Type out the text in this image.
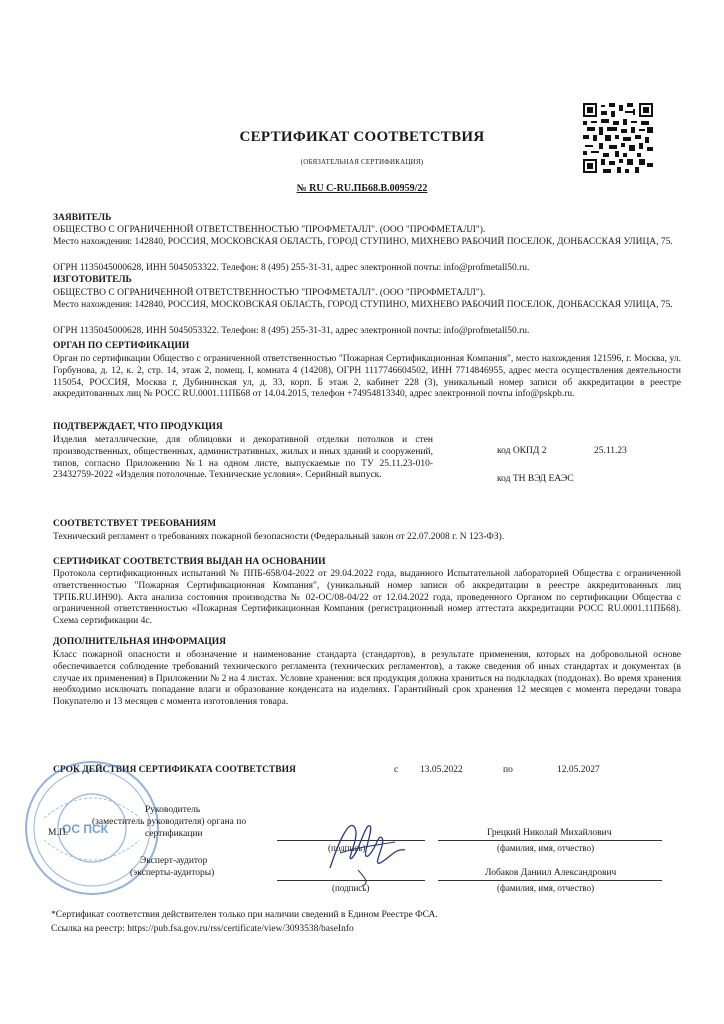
СЕРТИФИКАТ СООТВЕТСТВИЯ
(ОБЯЗАТЕЛЬНАЯ СЕРТИФИКАЦИЯ)
№ RU C-RU.ПБ68.В.00959/22
ЗАЯВИТЕЛЬ
ОБЩЕСТВО С ОГРАНИЧЕННОЙ ОТВЕТСТВЕННОСТЬЮ "ПРОФМЕТАЛЛ". (ООО "ПРОФМЕТАЛЛ").
Место нахождения: 142840, РОССИЯ, МОСКОВСКАЯ ОБЛАСТЬ, ГОРОД СТУПИНО, МИХНЕВО РАБОЧИЙ ПОСЕЛОК, ДОНБАССКАЯ УЛИЦА, 75.
ОГРН 1135045000628, ИНН 5045053322. Телефон: 8 (495) 255-31-31, адрес электронной почты: info@profmetall50.ru.
ИЗГОТОВИТЕЛЬ
ОБЩЕСТВО С ОГРАНИЧЕННОЙ ОТВЕТСТВЕННОСТЬЮ "ПРОФМЕТАЛЛ". (ООО "ПРОФМЕТАЛЛ").
Место нахождения: 142840, РОССИЯ, МОСКОВСКАЯ ОБЛАСТЬ, ГОРОД СТУПИНО, МИХНЕВО РАБОЧИЙ ПОСЕЛОК, ДОНБАССКАЯ УЛИЦА, 75.
ОГРН 1135045000628, ИНН 5045053322. Телефон: 8 (495) 255-31-31, адрес электронной почты: info@profmetall50.ru.
ОРГАН ПО СЕРТИФИКАЦИИ
Орган по сертификации Общество с ограниченной ответственностью "Пожарная Сертификационная Компания", место нахождения 121596, г. Москва, ул. Горбунова, д. 12, к. 2, стр. 14, этаж 2, помещ. I, комната 4 (14208), ОГРН 1117746604502, ИНН 7714846955, адрес места осуществления деятельности 115054, РОССИЯ, Москва г, Дубининская ул, д. 33, корп. Б этаж 2, кабинет 228 (3), уникальный номер записи об аккредитации в реестре аккредитованных лиц № РОСС RU.0001.11ПБ68 от 14.04.2015, телефон +74954813340, адрес электронной почты info@pskpb.ru.
ПОДТВЕРЖДАЕТ, ЧТО ПРОДУКЦИЯ
Изделия металлические, для облицовки и декоративной отделки потолков и стен производственных, общественных, административных, жилых и иных зданий и сооружений, типов, согласно Приложению №1 на одном листе, выпускаемые по ТУ 25.11.23-010-23432759-2022 «Изделия потолочные. Технические условия». Серийный выпуск.
код ОКПД 2	25.11.23
код ТН ВЭД ЕАЭС
СООТВЕТСТВУЕТ ТРЕБОВАНИЯМ
Технический регламент о требованиях пожарной безопасности (Федеральный закон от 22.07.2008 г. N 123-ФЗ).
СЕРТИФИКАТ СООТВЕТСТВИЯ ВЫДАН НА ОСНОВАНИИ
Протокола сертификационных испытаний № ППБ-658/04-2022 от 29.04.2022 года, выданного Испытательной лабораторией Общества с ограниченной ответственностью "Пожарная Сертификационная Компания", (уникальный номер записи об аккредитации в реестре аккредитованных лиц ТРПБ.RU.ИН90). Акта анализа состояния производства № 02-ОС/08-04/22 от 12.04.2022 года, проведенного Органом по сертификации Общества с ограниченной ответственностью «Пожарная Сертификационная Компания (регистрационный номер аттестата аккредитации РОСС RU.0001.11ПБ68). Схема сертификации 4с.
ДОПОЛНИТЕЛЬНАЯ ИНФОРМАЦИЯ
Класс пожарной опасности и обозначение и наименование стандарта (стандартов), в результате применения, которых на добровольной основе обеспечивается соблюдение требований технического регламента (технических регламентов), а также сведения об иных стандартах и документах (в случае их применения) в Приложении № 2 на 4 листах. Условие хранения: вся продукция должна храниться на подкладках (поддонах). Во время хранения необходимо исключать попадание влаги и образование конденсата на изделиях. Гарантийный срок хранения 12 месяцев с момента передачи товара Покупателю и 13 месяцев с момента изготовления товара.
СРОК ДЕЙСТВИЯ СЕРТИФИКАТА СООТВЕТСТВИЯ	с 13.05.2022	по	12.05.2027
ОС ПСК
М.П.
Руководитель
(заместитель руководителя) органа по
сертификации
(подпись)
Грецкий Николай Михайлович
(фамилия, имя, отчество)
Эксперт-аудитор
(эксперты-аудиторы)
(подпись)
Лобаков Даниил Александрович
(фамилия, имя, отчество)
*Сертификат соответствия действителен только при наличии сведений в Едином Реестре ФСА.
Ссылка на реестр: https://pub.fsa.gov.ru/rss/certificate/view/3093538/baseInfo
